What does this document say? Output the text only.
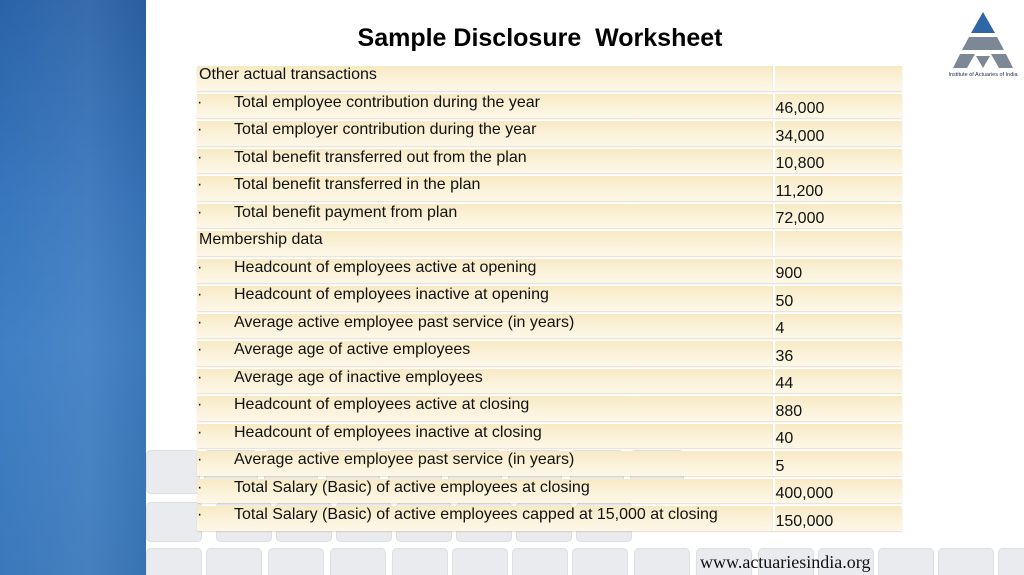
Sample Disclosure  Worksheet
Institute of Actuaries of India
Other actual transactions	
· Total employee contribution during the year	46,000
· Total employer contribution during the year	34,000
· Total benefit transferred out from the plan	10,800
· Total benefit transferred in the plan	11,200
· Total benefit payment from plan	72,000
Membership data	
· Headcount of employees active at opening	900
· Headcount of employees inactive at opening	50
· Average active employee past service (in years)	4
· Average age of active employees	36
· Average age of inactive employees	44
· Headcount of employees active at closing	880
· Headcount of employees inactive at closing	40
· Average active employee past service (in years)	5
· Total Salary (Basic) of active employees at closing	400,000
· Total Salary (Basic) of active employees capped at 15,000 at closing	150,000
www.actuariesindia.org
